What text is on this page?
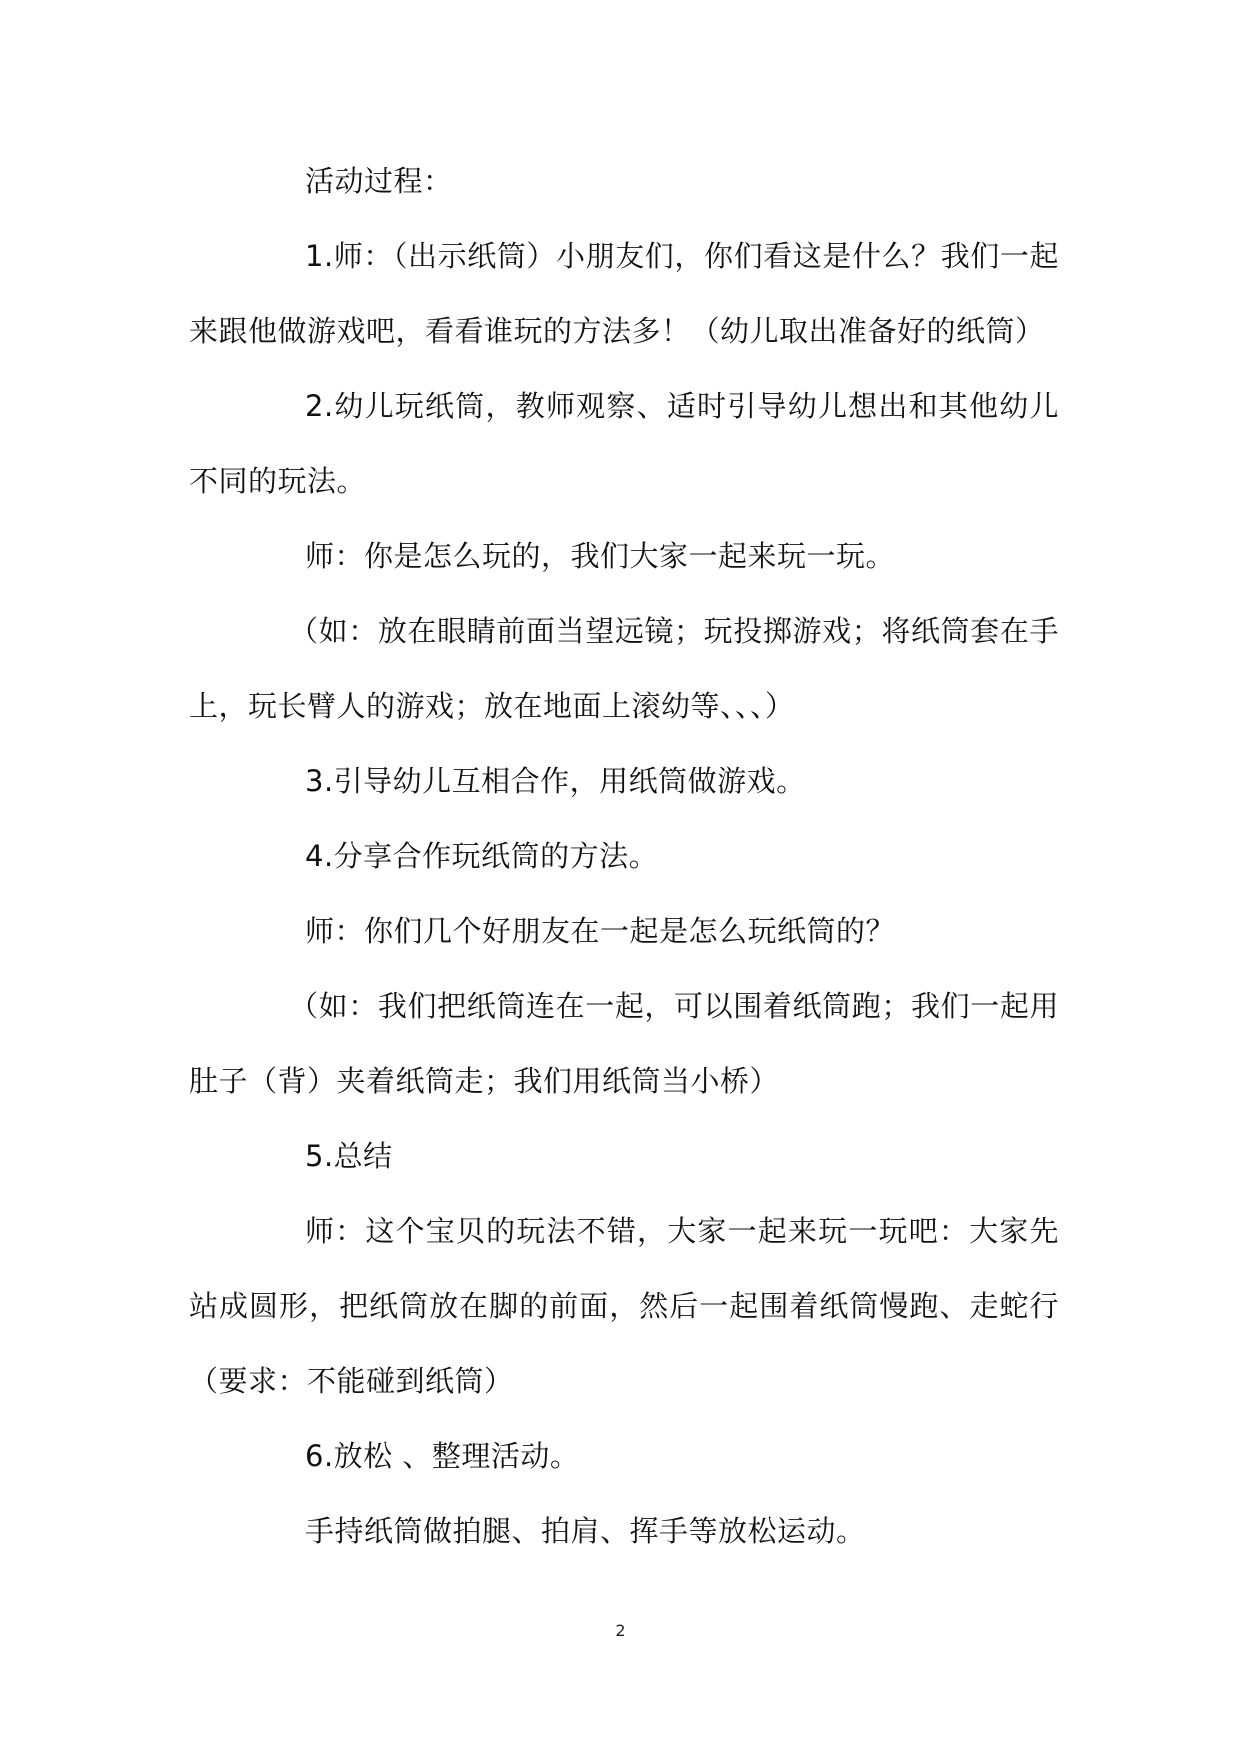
活动过程：

1.师：（出示纸筒）小朋友们，你们看这是什么？我们一起来跟他做游戏吧，看看谁玩的方法多！（幼儿取出准备好的纸筒）

2.幼儿玩纸筒，教师观察、适时引导幼儿想出和其他幼儿不同的玩法。

师：你是怎么玩的，我们大家一起来玩一玩。

（如：放在眼睛前面当望远镜；玩投掷游戏；将纸筒套在手上，玩长臂人的游戏；放在地面上滚幼等、、、）

3.引导幼儿互相合作，用纸筒做游戏。

4.分享合作玩纸筒的方法。

师：你们几个好朋友在一起是怎么玩纸筒的？

（如：我们把纸筒连在一起，可以围着纸筒跑；我们一起用肚子（背）夹着纸筒走；我们用纸筒当小桥）

5.总结

师：这个宝贝的玩法不错，大家一起来玩一玩吧：大家先站成圆形，把纸筒放在脚的前面，然后一起围着纸筒慢跑、走蛇行（要求：不能碰到纸筒）

6.放松 、整理活动。

手持纸筒做拍腿、拍肩、挥手等放松运动。

2
